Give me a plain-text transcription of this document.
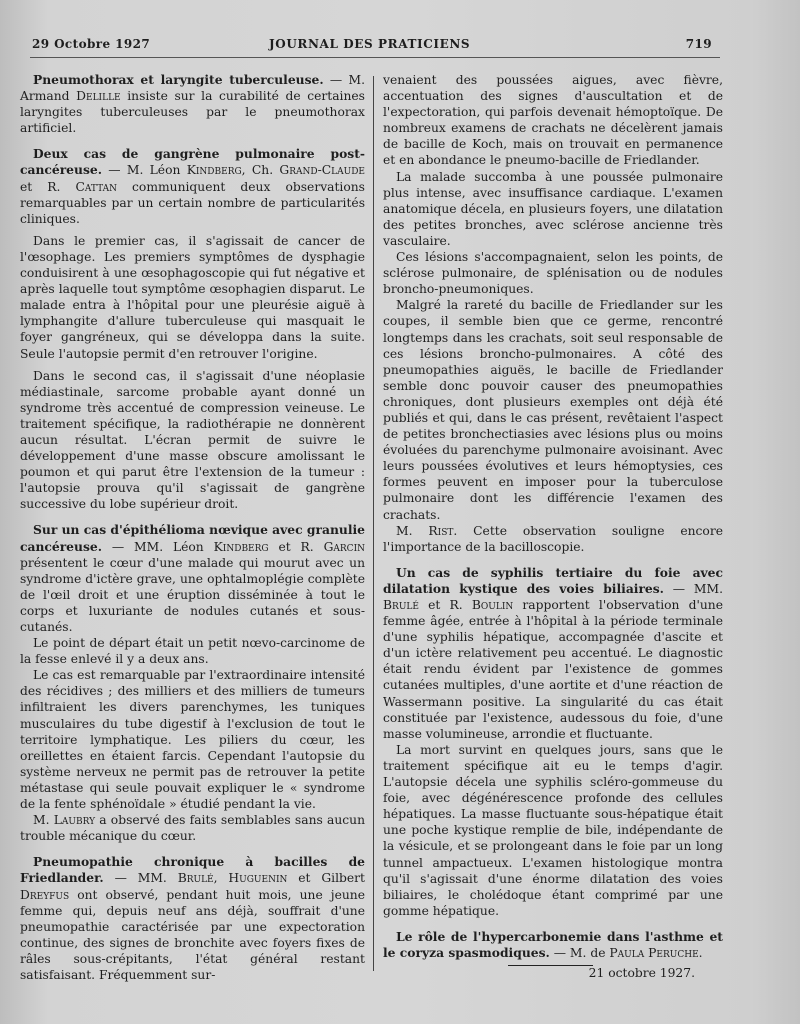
29 Octobre 1927	JOURNAL DES PRATICIENS	719

Pneumothorax et laryngite tuberculeuse. — M. Armand Delille insiste sur la curabilité de certaines laryngites tuberculeuses par le pneumothorax artificiel.

Deux cas de gangrène pulmonaire post-cancéreuse. — M. Léon Kindberg, Ch. Grand-Claude et R. Cattan communiquent deux observations remarquables par un certain nombre de particularités cliniques.

Dans le premier cas, il s'agissait de cancer de l'œsophage. Les premiers symptômes de dysphagie conduisirent à une œsophagoscopie qui fut négative et après laquelle tout symptôme œsophagien disparut. Le malade entra à l'hôpital pour une pleurésie aiguë à lymphangite d'allure tuberculeuse qui masquait le foyer gangréneux, qui se développa dans la suite. Seule l'autopsie permit d'en retrouver l'origine.

Dans le second cas, il s'agissait d'une néoplasie médiastinale, sarcome probable ayant donné un syndrome très accentué de compression veineuse. Le traitement spécifique, la radiothérapie ne donnèrent aucun résultat. L'écran permit de suivre le développement d'une masse obscure amolissant le poumon et qui parut être l'extension de la tumeur : l'autopsie prouva qu'il s'agissait de gangrène successive du lobe supérieur droit.

Sur un cas d'épithélioma nœvique avec granulie cancéreuse. — MM. Léon Kindberg et R. Garcin présentent le cœur d'une malade qui mourut avec un syndrome d'ictère grave, une ophtalmoplégie complète de l'œil droit et une éruption disséminée à tout le corps et luxuriante de nodules cutanés et sous-cutanés.

Le point de départ était un petit nœvo-carcinome de la fesse enlevé il y a deux ans.

Le cas est remarquable par l'extraordinaire intensité des récidives ; des milliers et des milliers de tumeurs infiltraient les divers parenchymes, les tuniques musculaires du tube digestif à l'exclusion de tout le territoire lymphatique. Les piliers du cœur, les oreillettes en étaient farcis. Cependant l'autopsie du système nerveux ne permit pas de retrouver la petite métastase qui seule pouvait expliquer le « syndrome de la fente sphénoïdale » étudié pendant la vie.

M. Laubry a observé des faits semblables sans aucun trouble mécanique du cœur.

Pneumopathie chronique à bacilles de Friedlander. — MM. Brulé, Huguenin et Gilbert Dreyfus ont observé, pendant huit mois, une jeune femme qui, depuis neuf ans déjà, souffrait d'une pneumopathie caractérisée par une expectoration continue, des signes de bronchite avec foyers fixes de râles sous-crépitants, l'état général restant satisfaisant. Fréquemment sur-

venaient des poussées aigues, avec fièvre, accentuation des signes d'auscultation et de l'expectoration, qui parfois devenait hémoptoïque. De nombreux examens de crachats ne décelèrent jamais de bacille de Koch, mais on trouvait en permanence et en abondance le pneumo-bacille de Friedlander.

La malade succomba à une poussée pulmonaire plus intense, avec insuffisance cardiaque. L'examen anatomique décela, en plusieurs foyers, une dilatation des petites bronches, avec sclérose ancienne très vasculaire.

Ces lésions s'accompagnaient, selon les points, de sclérose pulmonaire, de splénisation ou de nodules broncho-pneumoniques.

Malgré la rareté du bacille de Friedlander sur les coupes, il semble bien que ce germe, rencontré longtemps dans les crachats, soit seul responsable de ces lésions broncho-pulmonaires. A côté des pneumopathies aiguës, le bacille de Friedlander semble donc pouvoir causer des pneumopathies chroniques, dont plusieurs exemples ont déjà été publiés et qui, dans le cas présent, revêtaient l'aspect de petites bronchectiasies avec lésions plus ou moins évoluées du parenchyme pulmonaire avoisinant. Avec leurs poussées évolutives et leurs hémoptysies, ces formes peuvent en imposer pour la tuberculose pulmonaire dont les différencie l'examen des crachats.

M. Rist. Cette observation souligne encore l'importance de la bacilloscopie.

Un cas de syphilis tertiaire du foie avec dilatation kystique des voies biliaires. — MM. Brulé et R. Boulin rapportent l'observation d'une femme âgée, entrée à l'hôpital à la période terminale d'une syphilis hépatique, accompagnée d'ascite et d'un ictère relativement peu accentué. Le diagnostic était rendu évident par l'existence de gommes cutanées multiples, d'une aortite et d'une réaction de Wassermann positive. La singularité du cas était constituée par l'existence, audessous du foie, d'une masse volumineuse, arrondie et fluctuante.

La mort survint en quelques jours, sans que le traitement spécifique ait eu le temps d'agir. L'autopsie décela une syphilis scléro-gommeuse du foie, avec dégénérescence profonde des cellules hépatiques. La masse fluctuante sous-hépatique était une poche kystique remplie de bile, indépendante de la vésicule, et se prolongeant dans le foie par un long tunnel ampactueux. L'examen histologique montra qu'il s'agissait d'une énorme dilatation des voies biliaires, le cholédoque étant comprimé par une gomme hépatique.

Le rôle de l'hypercarbonemie dans l'asthme et le coryza spasmodiques. — M. de Paula Peruche.

21 octobre 1927.
